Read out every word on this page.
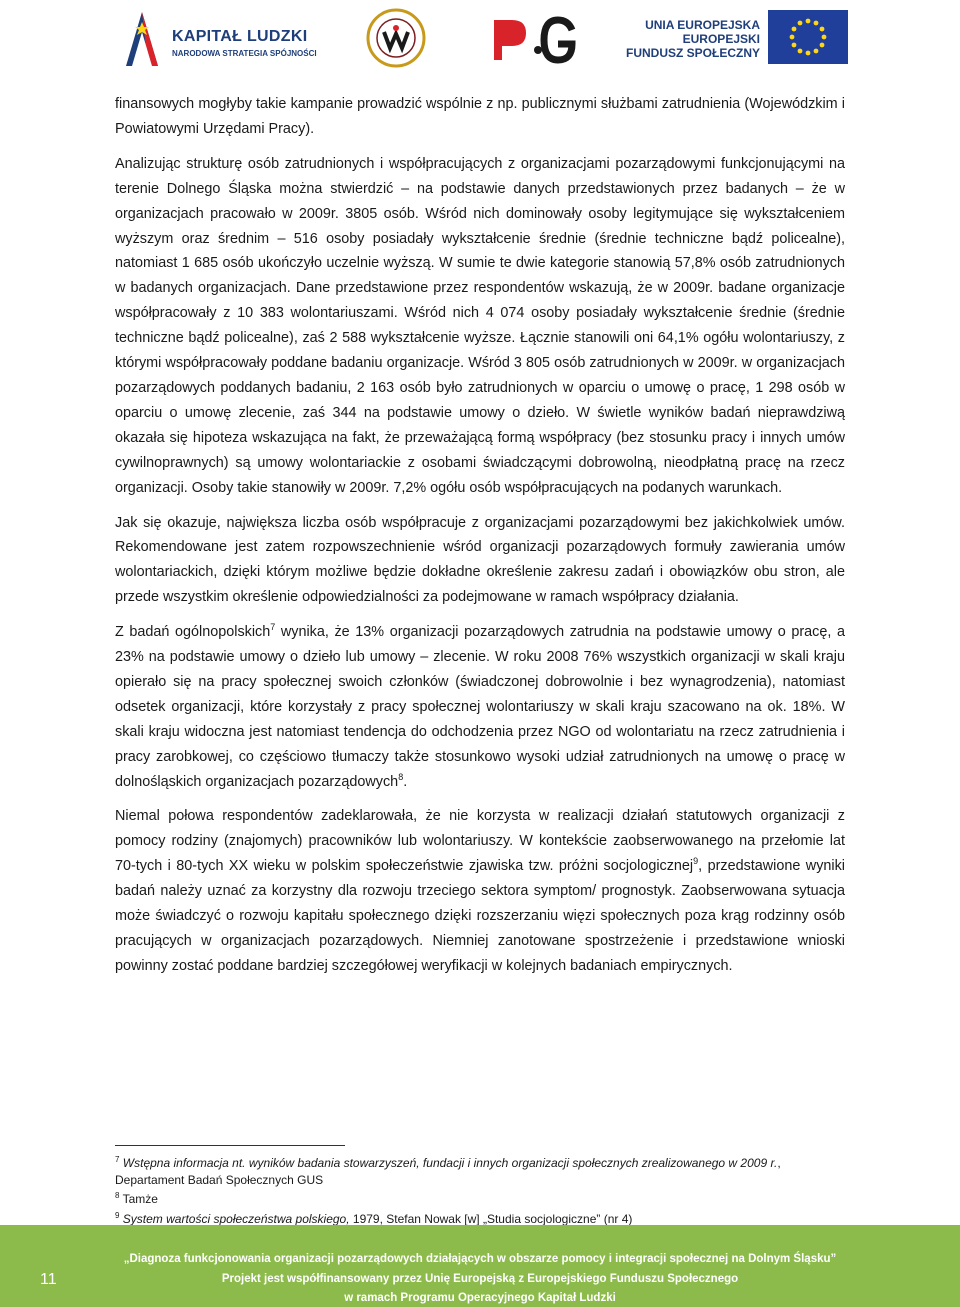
KAPITAŁ LUDZKI
NARODOWA STRATEGIA SPÓJNOŚCI
UNIA EUROPEJSKA
EUROPEJSKI
FUNDUSZ SPOŁECZNY

finansowych mogłyby takie kampanie prowadzić wspólnie z np. publicznymi służbami zatrudnienia (Wojewódzkim i Powiatowymi Urzędami Pracy).

Analizując strukturę osób zatrudnionych i współpracujących z organizacjami pozarządowymi funkcjonującymi na terenie Dolnego Śląska można stwierdzić – na podstawie danych przedstawionych przez badanych – że w organizacjach pracowało w 2009r. 3805 osób. Wśród nich dominowały osoby legitymujące się wykształceniem wyższym oraz średnim – 516 osoby posiadały wykształcenie średnie (średnie techniczne bądź policealne), natomiast 1 685 osób ukończyło uczelnie wyższą. W sumie te dwie kategorie stanowią 57,8% osób zatrudnionych w badanych organizacjach. Dane przedstawione przez respondentów wskazują, że w 2009r. badane organizacje współpracowały z 10 383 wolontariuszami. Wśród nich 4 074 osoby posiadały wykształcenie średnie (średnie techniczne bądź policealne), zaś 2 588 wykształcenie wyższe. Łącznie stanowili oni 64,1% ogółu wolontariuszy, z którymi współpracowały poddane badaniu organizacje. Wśród 3 805 osób zatrudnionych w 2009r. w organizacjach pozarządowych poddanych badaniu, 2 163 osób było zatrudnionych w oparciu o umowę o pracę, 1 298 osób w oparciu o umowę zlecenie, zaś 344 na podstawie umowy o dzieło. W świetle wyników badań nieprawdziwą okazała się hipoteza wskazująca na fakt, że przeważającą formą współpracy (bez stosunku pracy i innych umów cywilnoprawnych) są umowy wolontariackie z osobami świadczącymi dobrowolną, nieodpłatną pracę na rzecz organizacji. Osoby takie stanowiły w 2009r. 7,2% ogółu osób współpracujących na podanych warunkach.

Jak się okazuje, największa liczba osób współpracuje z organizacjami pozarządowymi bez jakichkolwiek umów. Rekomendowane jest zatem rozpowszechnienie wśród organizacji pozarządowych formuły zawierania umów wolontariackich, dzięki którym możliwe będzie dokładne określenie zakresu zadań i obowiązków obu stron, ale przede wszystkim określenie odpowiedzialności za podejmowane w ramach współpracy działania.

Z badań ogólnopolskich$^7$ wynika, że 13% organizacji pozarządowych zatrudnia na podstawie umowy o pracę, a 23% na podstawie umowy o dzieło lub umowy – zlecenie. W roku 2008 76% wszystkich organizacji w skali kraju opierało się na pracy społecznej swoich członków (świadczonej dobrowolnie i bez wynagrodzenia), natomiast odsetek organizacji, które korzystały z pracy społecznej wolontariuszy w skali kraju szacowano na ok. 18%. W skali kraju widoczna jest natomiast tendencja do odchodzenia przez NGO od wolontariatu na rzecz zatrudnienia i pracy zarobkowej, co częściowo tłumaczy także stosunkowo wysoki udział zatrudnionych na umowę o pracę w dolnośląskich organizacjach pozarządowych$^8$.

Niemal połowa respondentów zadeklarowała, że nie korzysta w realizacji działań statutowych organizacji z pomocy rodziny (znajomych) pracowników lub wolontariuszy. W kontekście zaobserwowanego na przełomie lat 70-tych i 80-tych XX wieku w polskim społeczeństwie zjawiska tzw. próżni socjologicznej$^9$, przedstawione wyniki badań należy uznać za korzystny dla rozwoju trzeciego sektora symptom/ prognostyk. Zaobserwowana sytuacja może świadczyć o rozwoju kapitału społecznego dzięki rozszerzaniu więzi społecznych poza krąg rodzinny osób pracujących w organizacjach pozarządowych. Niemniej zanotowane spostrzeżenie i przedstawione wnioski powinny zostać poddane bardziej szczegółowej weryfikacji w kolejnych badaniach empirycznych.

$^7$ Wstępna informacja nt. wyników badania stowarzyszeń, fundacji i innych organizacji społecznych zrealizowanego w 2009 r., Departament Badań Społecznych GUS

$^8$ Tamże

$^9$ System wartości społeczeństwa polskiego, 1979, Stefan Nowak [w] „Studia socjologiczne” (nr 4)

11
„Diagnoza funkcjonowania organizacji pozarządowych działających w obszarze pomocy i integracji społecznej na Dolnym Śląsku”
Projekt jest współfinansowany przez Unię Europejską z Europejskiego Funduszu Społecznego
w ramach Programu Operacyjnego Kapitał Ludzki
